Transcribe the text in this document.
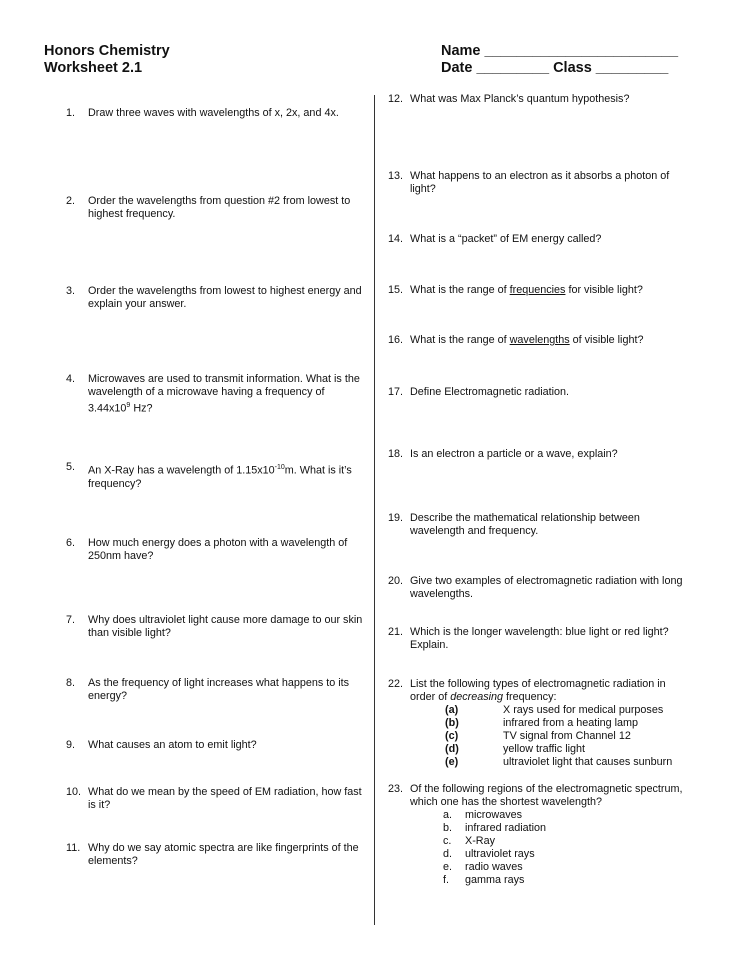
Honors Chemistry
Worksheet 2.1
Name ________________________
Date _________ Class _________
1. Draw three waves with wavelengths of x, 2x, and 4x.
2. Order the wavelengths from question #2 from lowest to
highest frequency.
3. Order the wavelengths from lowest to highest energy and
explain your answer.
4. Microwaves are used to transmit information. What is the
wavelength of a microwave having a frequency of
$3.44x10^9$ Hz?
5. An X-Ray has a wavelength of $1.15x10^{-10}m$. What is it’s
frequency?
6. How much energy does a photon with a wavelength of
250nm have?
7. Why does ultraviolet light cause more damage to our skin
than visible light?
8. As the frequency of light increases what happens to its
energy?
9. What causes an atom to emit light?
10. What do we mean by the speed of EM radiation, how fast
is it?
11. Why do we say atomic spectra are like fingerprints of the
elements?
12. What was Max Planck’s quantum hypothesis?
13. What happens to an electron as it absorbs a photon of
light?
14. What is a “packet” of EM energy called?
15. What is the range of frequencies for visible light?
16. What is the range of wavelengths of visible light?
17. Define Electromagnetic radiation.
18. Is an electron a particle or a wave, explain?
19. Describe the mathematical relationship between
wavelength and frequency.
20. Give two examples of electromagnetic radiation with long
wavelengths.
21. Which is the longer wavelength: blue light or red light?
Explain.
22. List the following types of electromagnetic radiation in
order of decreasing frequency:
(a)	X rays used for medical purposes
(b)	infrared from a heating lamp
(c)	TV signal from Channel 12
(d)	yellow traffic light
(e)	ultraviolet light that causes sunburn
23. Of the following regions of the electromagnetic spectrum,
which one has the shortest wavelength?
a.	microwaves
b.	infrared radiation
c.	X-Ray
d.	ultraviolet rays
e.	radio waves
f.	gamma rays
